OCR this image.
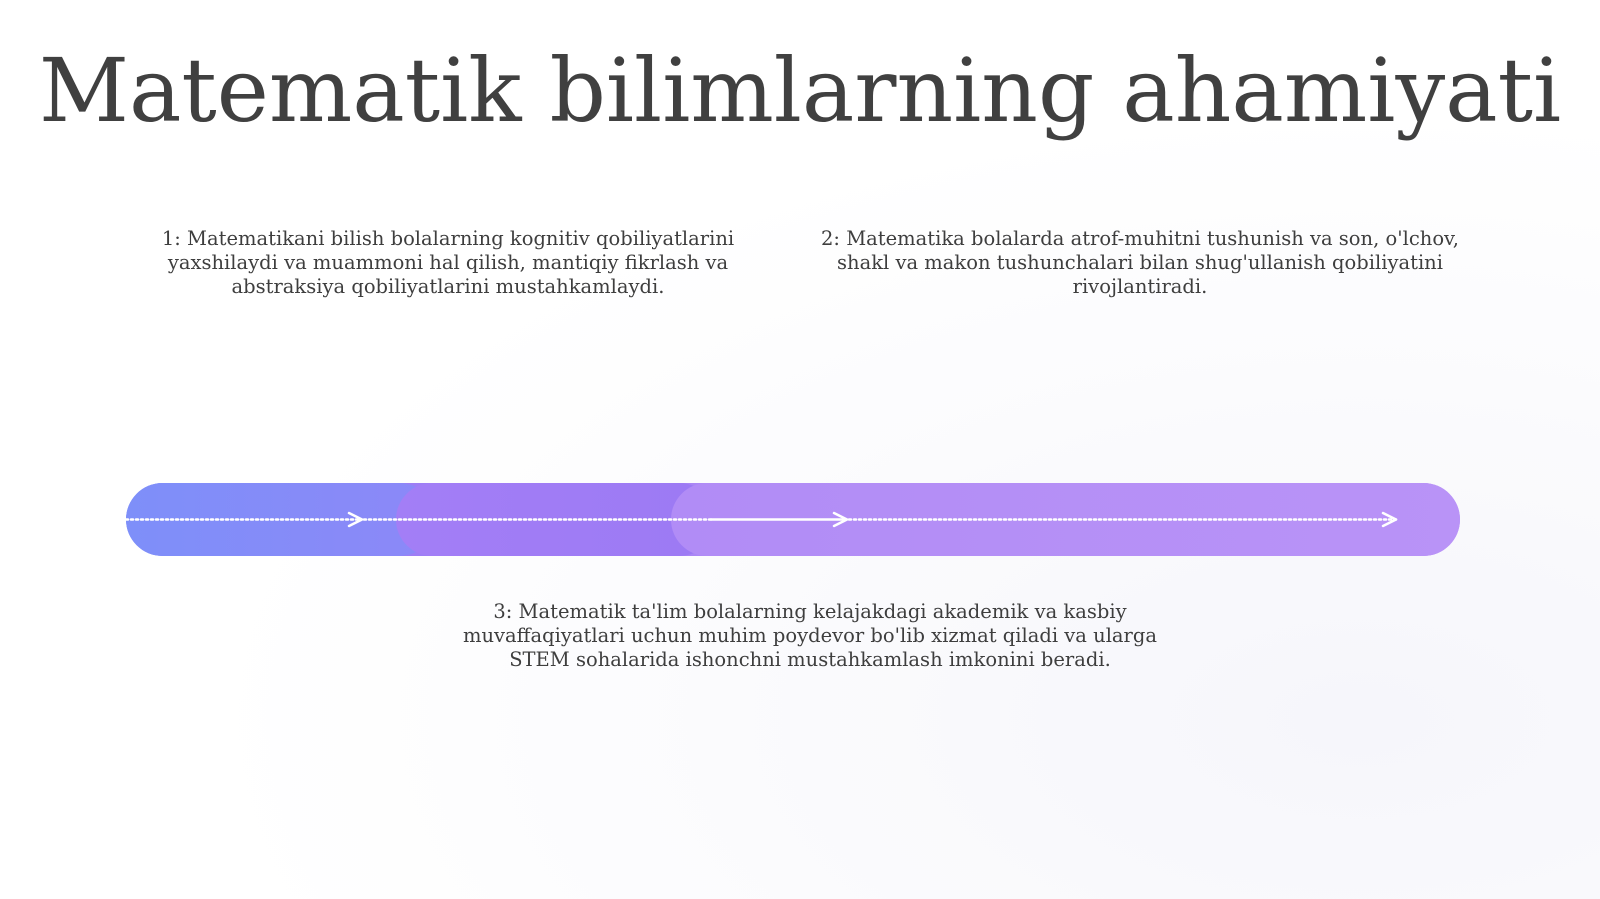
Matematik bilimlarning ahamiyati
1: Matematikani bilish bolalarning kognitiv qobiliyatlarini yaxshilaydi va muammoni hal qilish, mantiqiy fikrlash va abstraksiya qobiliyatlarini mustahkamlaydi.
2: Matematika bolalarda atrof-muhitni tushunish va son, o'lchov, shakl va makon tushunchalari bilan shug'ullanish qobiliyatini rivojlantiradi.
3: Matematik ta'lim bolalarning kelajakdagi akademik va kasbiy muvaffaqiyatlari uchun muhim poydevor bo'lib xizmat qiladi va ularga STEM sohalarida ishonchni mustahkamlash imkonini beradi.
